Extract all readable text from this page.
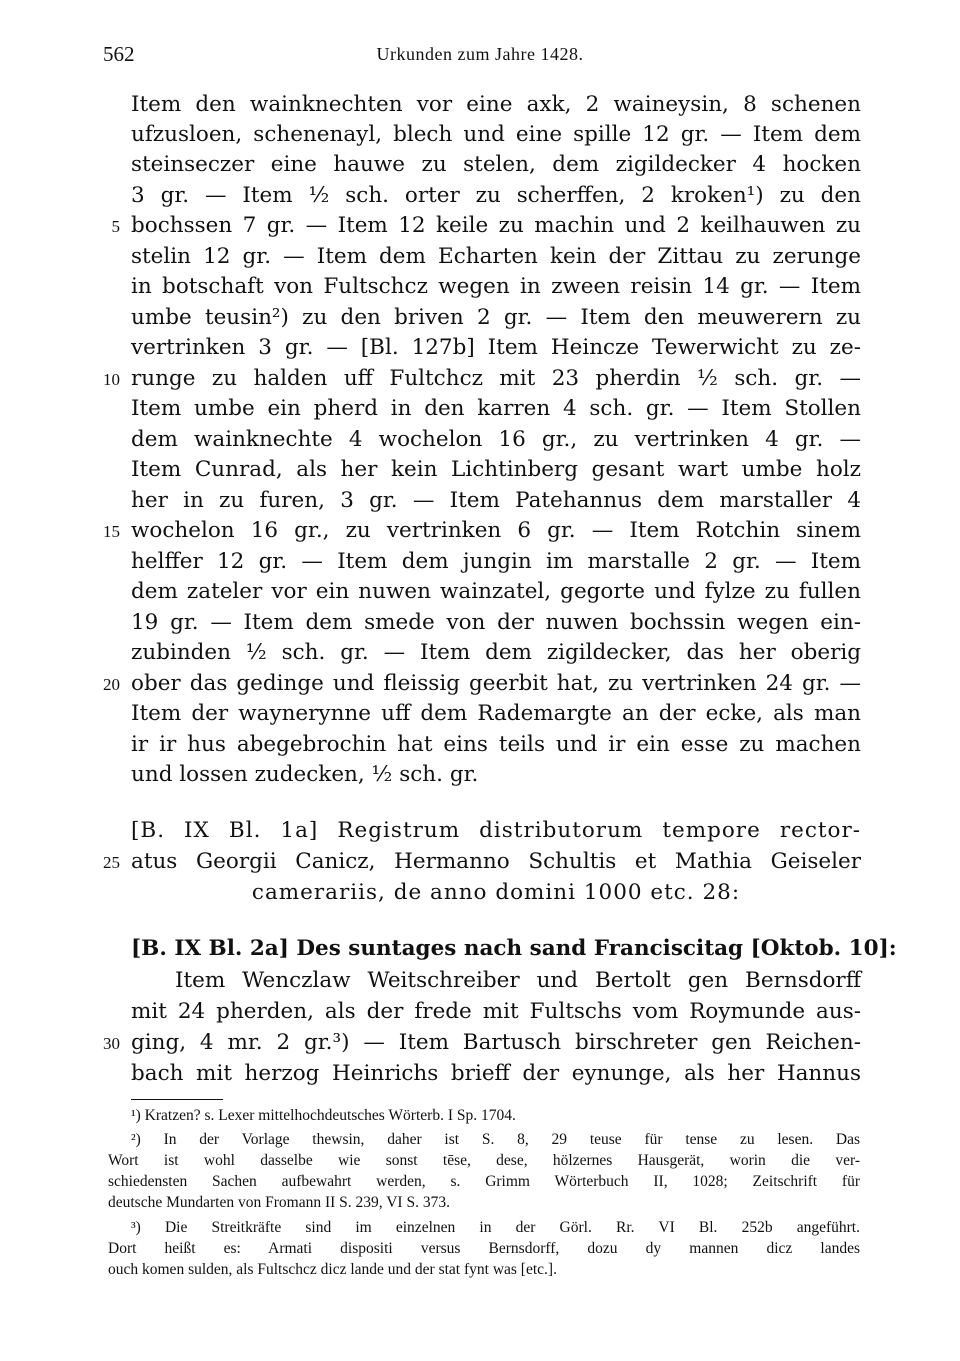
562	Urkunden zum Jahre 1428.
Item den wainknechten vor eine axk, 2 waineysin, 8 schenen
ufzusloen, schenenayl, blech und eine spille 12 gr. — Item dem
steinseczer eine hauwe zu stelen, dem zigildecker 4 hocken
3 gr. — Item ½ sch. orter zu scherffen, 2 kroken¹) zu den
bochssen 7 gr. — Item 12 keile zu machin und 2 keilhauwen zu
stelin 12 gr. — Item dem Echarten kein der Zittau zu zerunge
in botschaft von Fultschcz wegen in zween reisin 14 gr. — Item
umbe teusin²) zu den briven 2 gr. — Item den meuwerern zu
vertrinken 3 gr. — [Bl. 127b] Item Heincze Tewerwicht zu ze-
runge zu halden uff Fultchcz mit 23 pherdin ½ sch. gr. —
Item umbe ein pherd in den karren 4 sch. gr. — Item Stollen
dem wainknechte 4 wochelon 16 gr., zu vertrinken 4 gr. —
Item Cunrad, als her kein Lichtinberg gesant wart umbe holz
her in zu furen, 3 gr. — Item Patehannus dem marstaller 4
wochelon 16 gr., zu vertrinken 6 gr. — Item Rotchin sinem
helffer 12 gr. — Item dem jungin im marstalle 2 gr. — Item
dem zateler vor ein nuwen wainzatel, gegorte und fylze zu fullen
19 gr. — Item dem smede von der nuwen bochssin wegen ein-
zubinden ½ sch. gr. — Item dem zigildecker, das her oberig
ober das gedinge und fleissig geerbit hat, zu vertrinken 24 gr. —
Item der waynerynne uff dem Rademargte an der ecke, als man
ir ir hus abegebrochin hat eins teils und ir ein esse zu machen
und lossen zudecken, ½ sch. gr.
[B. IX Bl. 1a] Registrum distributorum tempore rector-
atus Georgii Canicz, Hermanno Schultis et Mathia Geiseler
camerariis, de anno domini 1000 etc. 28:
[B. IX Bl. 2a] Des suntages nach sand Franciscitag [Oktob. 10]:
Item Wenczlaw Weitschreiber und Bertolt gen Bernsdorff
mit 24 pherden, als der frede mit Fultschs vom Roymunde aus-
ging, 4 mr. 2 gr.³) — Item Bartusch birschreter gen Reichen-
bach mit herzog Heinrichs brieff der eynunge, als her Hannus
5
10
15
20
25
30
¹) Kratzen? s. Lexer mittelhochdeutsches Wörterb. I Sp. 1704.
²) In der Vorlage thewsin, daher ist S. 8, 29 teuse für tense zu lesen. Das
Wort ist wohl dasselbe wie sonst tēse, dese, hölzernes Hausgerät, worin die ver-
schiedensten Sachen aufbewahrt werden, s. Grimm Wörterbuch II, 1028; Zeitschrift für
deutsche Mundarten von Fromann II S. 239, VI S. 373.
³) Die Streitkräfte sind im einzelnen in der Görl. Rr. VI Bl. 252b angeführt.
Dort heißt es: Armati dispositi versus Bernsdorff, dozu dy mannen dicz landes
ouch komen sulden, als Fultschcz dicz lande und der stat fynt was [etc.].
